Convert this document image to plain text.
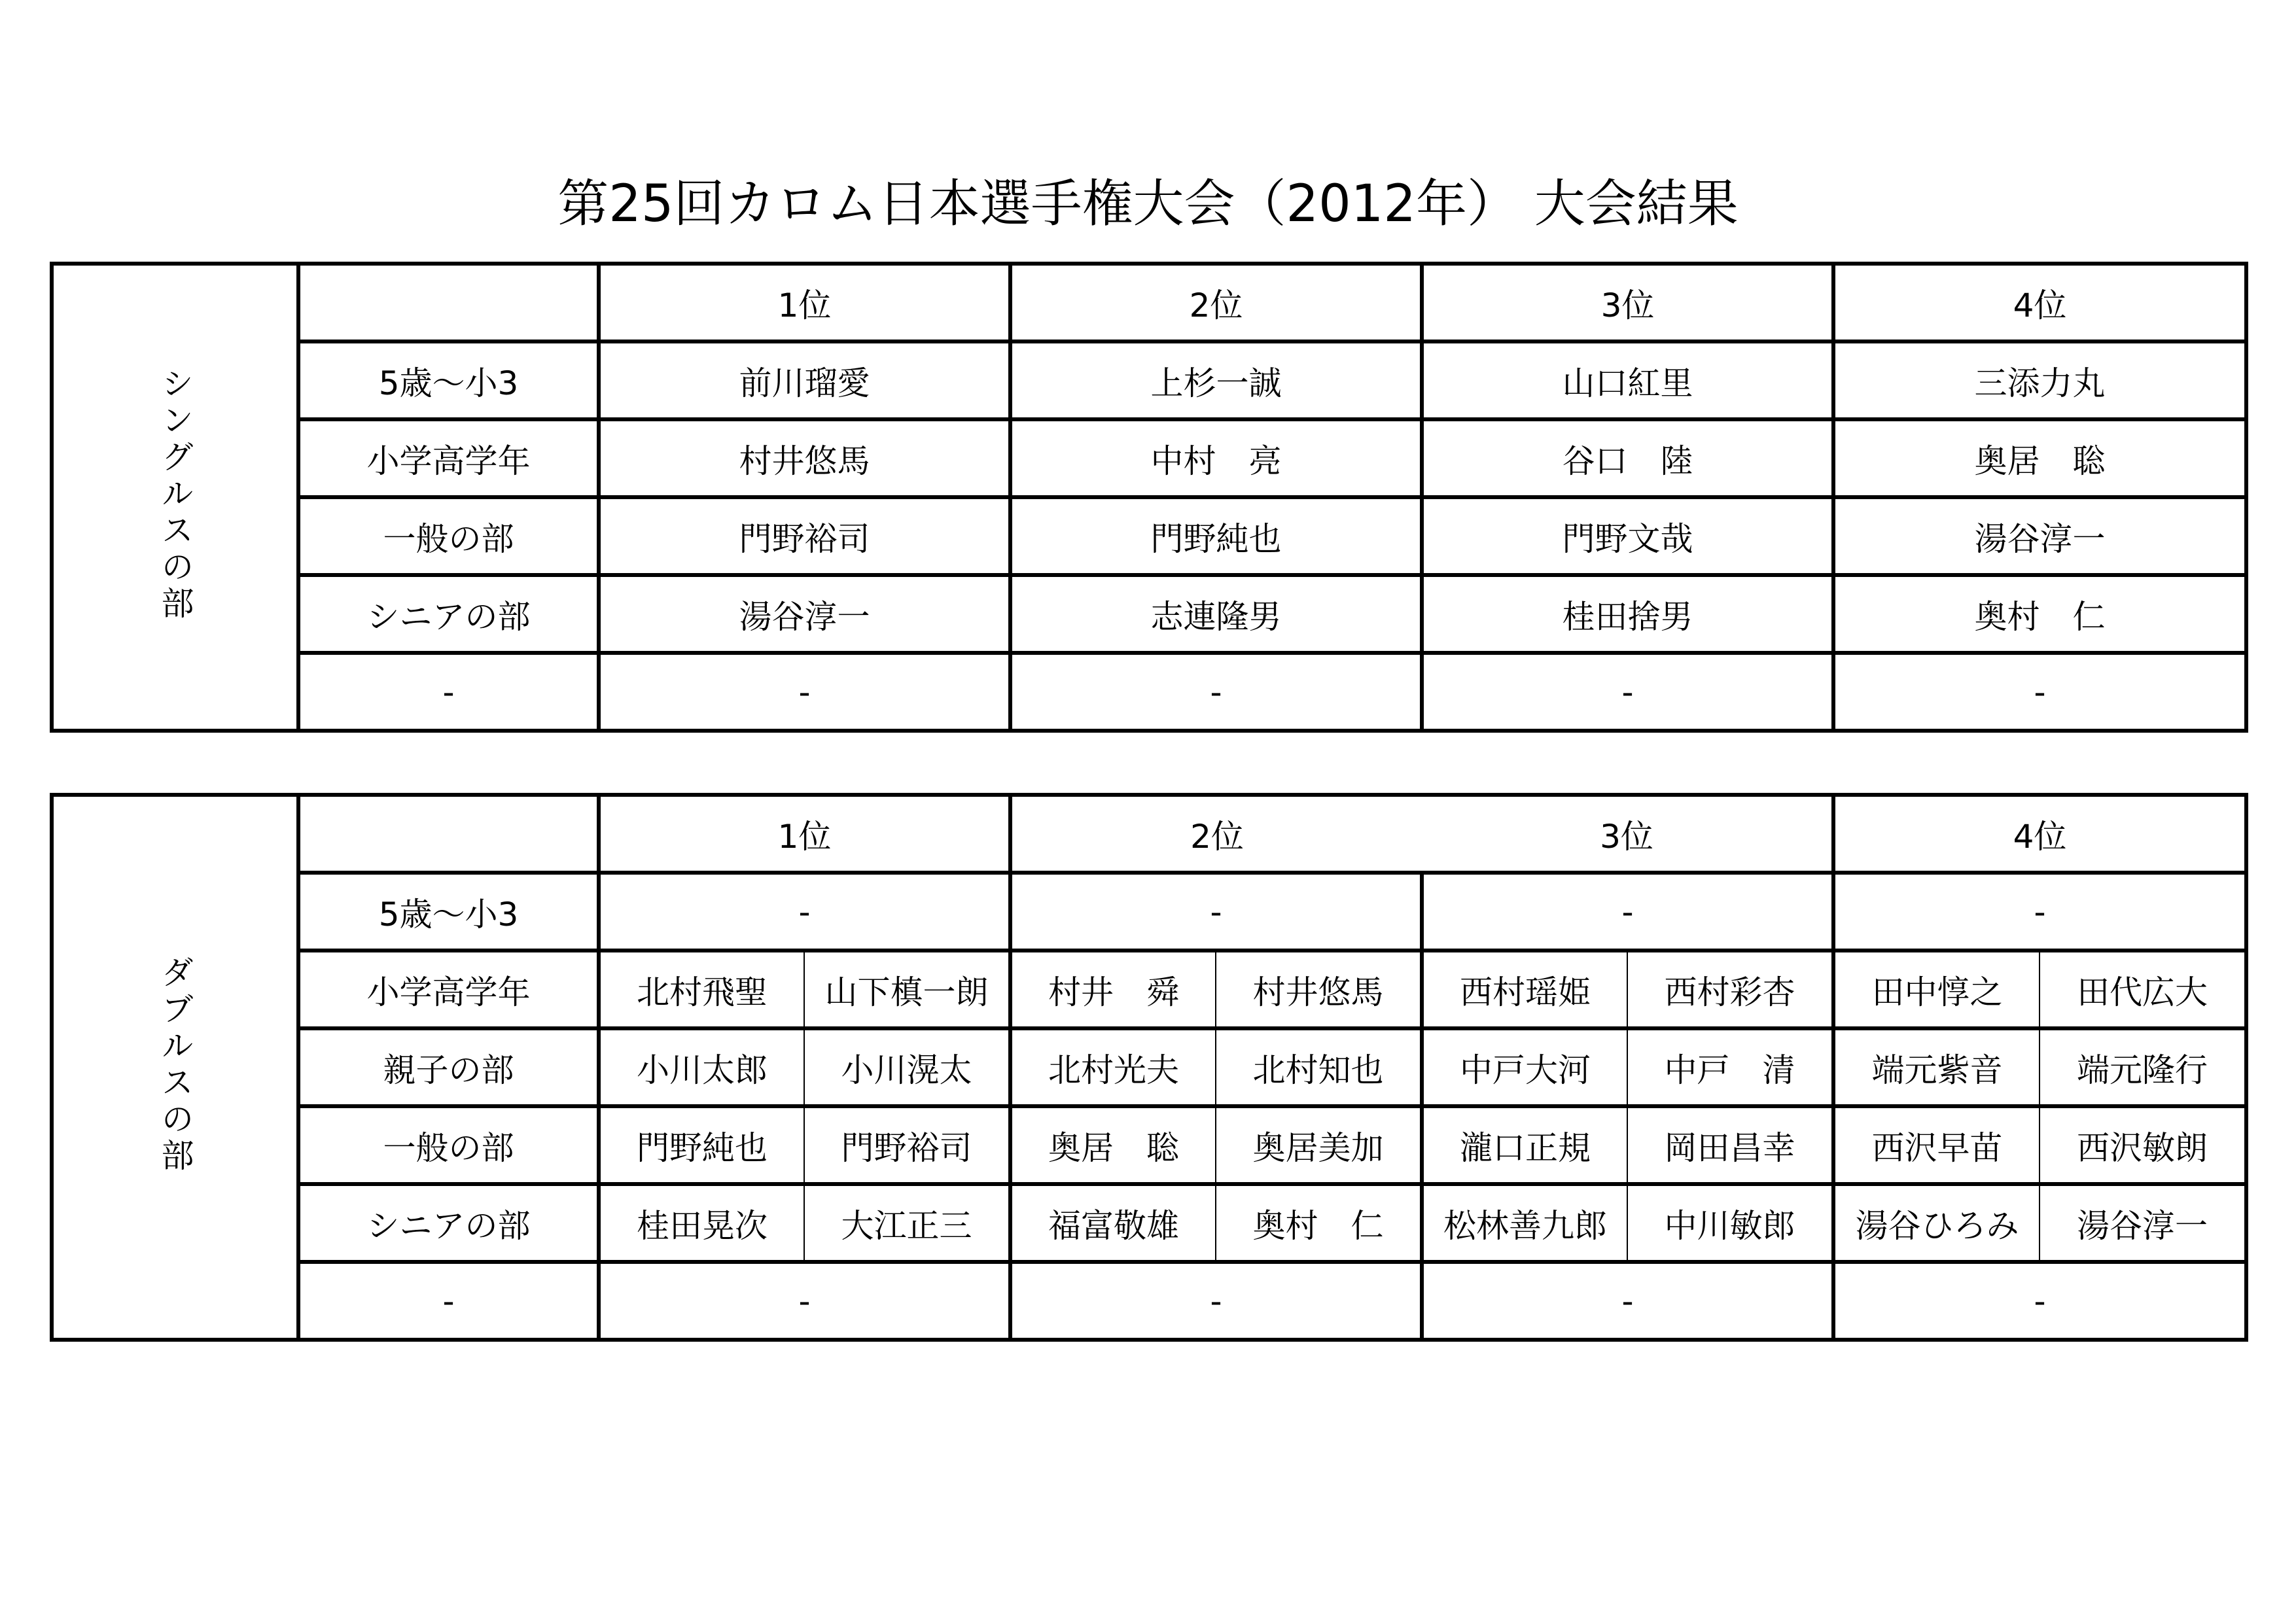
第25回カロム日本選手権大会（2012年） 大会結果
シングルスの部		1位	2位	3位	4位
	5歳〜小3	前川瑠愛	上杉一誠	山口紅里	三添力丸
	小学高学年	村井悠馬	中村　亮	谷口　陸	奥居　聡
	一般の部	門野裕司	門野純也	門野文哉	湯谷淳一
	シニアの部	湯谷淳一	志連隆男	桂田捨男	奥村　仁
	-	-	-	-	-
ダブルスの部		1位		2位		3位		4位	
	5歳〜小3	-		-		-		-	
	小学高学年	北村飛聖	山下槙一朗	村井　舜	村井悠馬	西村瑶姫	西村彩杏	田中惇之	田代広大
	親子の部	小川太郎	小川滉太	北村光夫	北村知也	中戸大河	中戸　清	端元紫音	端元隆行
	一般の部	門野純也	門野裕司	奥居　聡	奥居美加	瀧口正規	岡田昌幸	西沢早苗	西沢敏朗
	シニアの部	桂田晃次	大江正三	福富敬雄	奥村　仁	松林善九郎	中川敏郎	湯谷ひろみ	湯谷淳一
	-	-		-		-		-	
